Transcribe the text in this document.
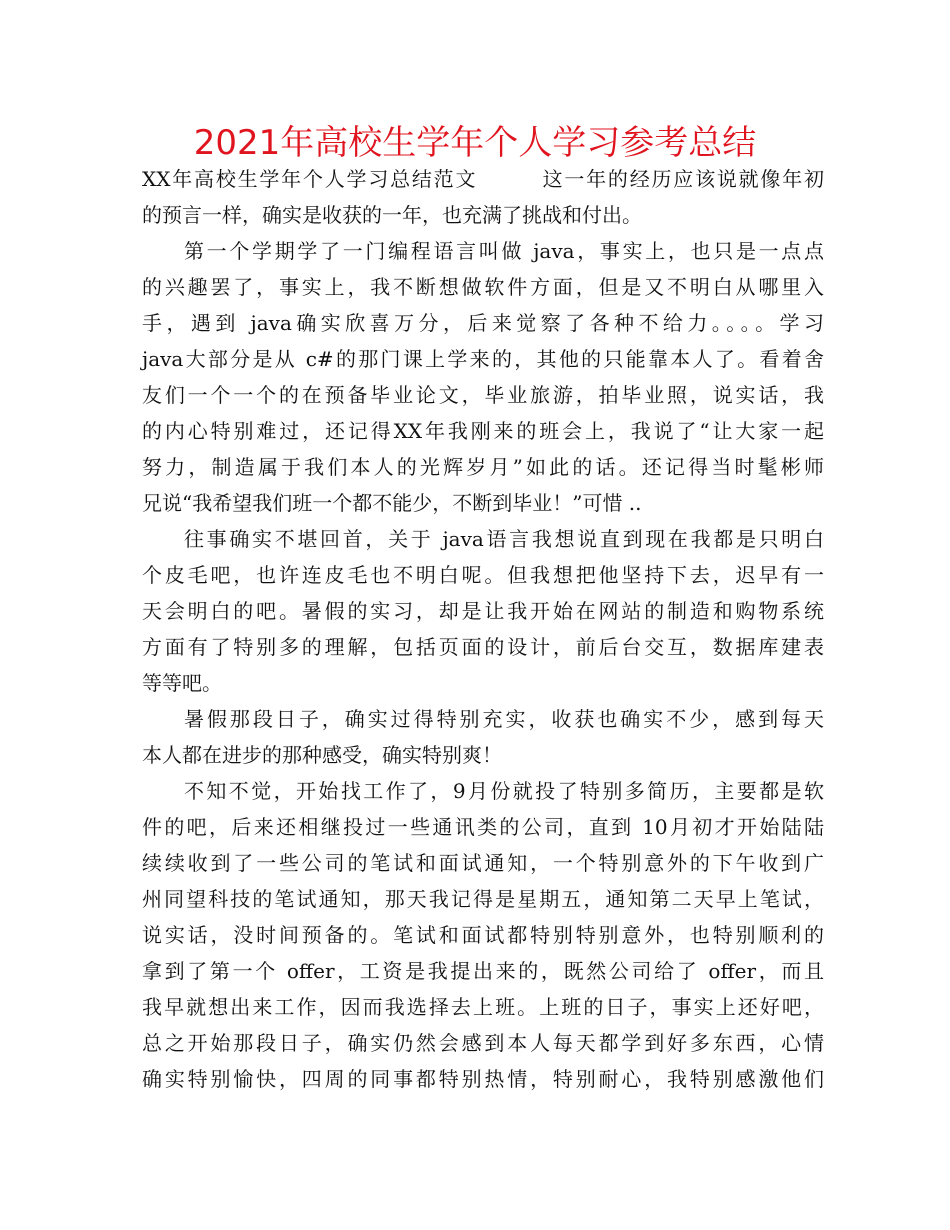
2021年高校生学年个人学习参考总结
XX年高校生学年个人学习总结范文　　　这一年的经历应该说就像年初
的预言一样，确实是收获的一年，也充满了挑战和付出。
第一个学期学了一门编程语言叫做 java，事实上，也只是一点点
的兴趣罢了，事实上，我不断想做软件方面，但是又不明白从哪里入
手，遇到 java确实欣喜万分，后来觉察了各种不给力。。。。学习
java大部分是从 c#的那门课上学来的，其他的只能靠本人了。看着舍
友们一个一个的在预备毕业论文，毕业旅游，拍毕业照，说实话，我
的内心特别难过，还记得XX年我刚来的班会上，我说了“让大家一起
努力，制造属于我们本人的光辉岁月”如此的话。还记得当时髦彬师
兄说“我希望我们班一个都不能少，不断到毕业！”可惜 ..
往事确实不堪回首，关于 java语言我想说直到现在我都是只明白
个皮毛吧，也许连皮毛也不明白呢。但我想把他坚持下去，迟早有一
天会明白的吧。暑假的实习，却是让我开始在网站的制造和购物系统
方面有了特别多的理解，包括页面的设计，前后台交互，数据库建表
等等吧。
暑假那段日子，确实过得特别充实，收获也确实不少，感到每天
本人都在进步的那种感受，确实特别爽！
不知不觉，开始找工作了，9月份就投了特别多简历，主要都是软
件的吧，后来还相继投过一些通讯类的公司，直到 10月初才开始陆陆
续续收到了一些公司的笔试和面试通知，一个特别意外的下午收到广
州同望科技的笔试通知，那天我记得是星期五，通知第二天早上笔试，
说实话，没时间预备的。笔试和面试都特别特别意外，也特别顺利的
拿到了第一个 offer，工资是我提出来的，既然公司给了 offer，而且
我早就想出来工作，因而我选择去上班。上班的日子，事实上还好吧，
总之开始那段日子，确实仍然会感到本人每天都学到好多东西，心情
确实特别愉快，四周的同事都特别热情，特别耐心，我特别感激他们
